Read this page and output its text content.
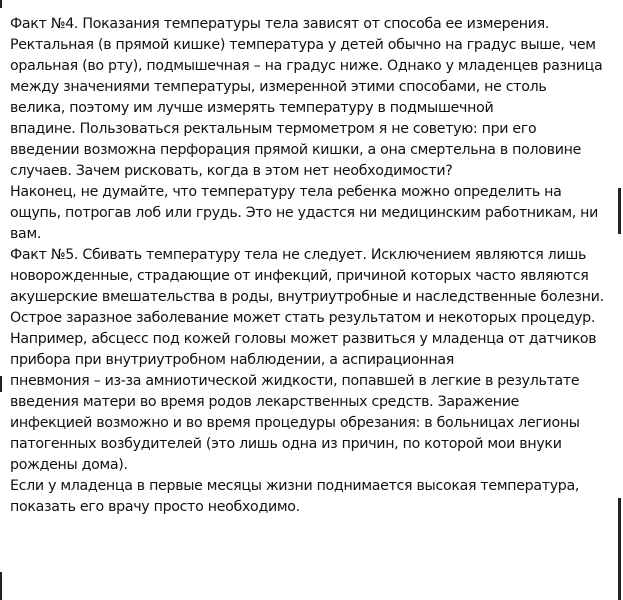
Факт №4. Показания температуры тела зависят от способа ее измерения.
Ректальная (в прямой кишке) температура у детей обычно на градус выше, чем
оральная (во рту), подмышечная – на градус ниже. Однако у младенцев разница
между значениями температуры, измеренной этими способами, не столь
велика, поэтому им лучше измерять температуру в подмышечной
впадине. Пользоваться ректальным термометром я не советую: при его
введении возможна перфорация прямой кишки, а она смертельна в половине
случаев. Зачем рисковать, когда в этом нет необходимости?
Наконец, не думайте, что температуру тела ребенка можно определить на
ощупь, потрогав лоб или грудь. Это не удастся ни медицинским работникам, ни
вам.
Факт №5. Сбивать температуру тела не следует. Исключением являются лишь
новорожденные, страдающие от инфекций, причиной которых часто являются
акушерские вмешательства в роды, внутриутробные и наследственные болезни.
Острое заразное заболевание может стать результатом и некоторых процедур.
Например, абсцесс под кожей головы может развиться у младенца от датчиков
прибора при внутриутробном наблюдении, а аспирационная
пневмония – из-за амниотической жидкости, попавшей в легкие в результате
введения матери во время родов лекарственных средств. Заражение
инфекцией возможно и во время процедуры обрезания: в больницах легионы
патогенных возбудителей (это лишь одна из причин, по которой мои внуки
рождены дома).
Если у младенца в первые месяцы жизни поднимается высокая температура,
показать его врачу просто необходимо.
